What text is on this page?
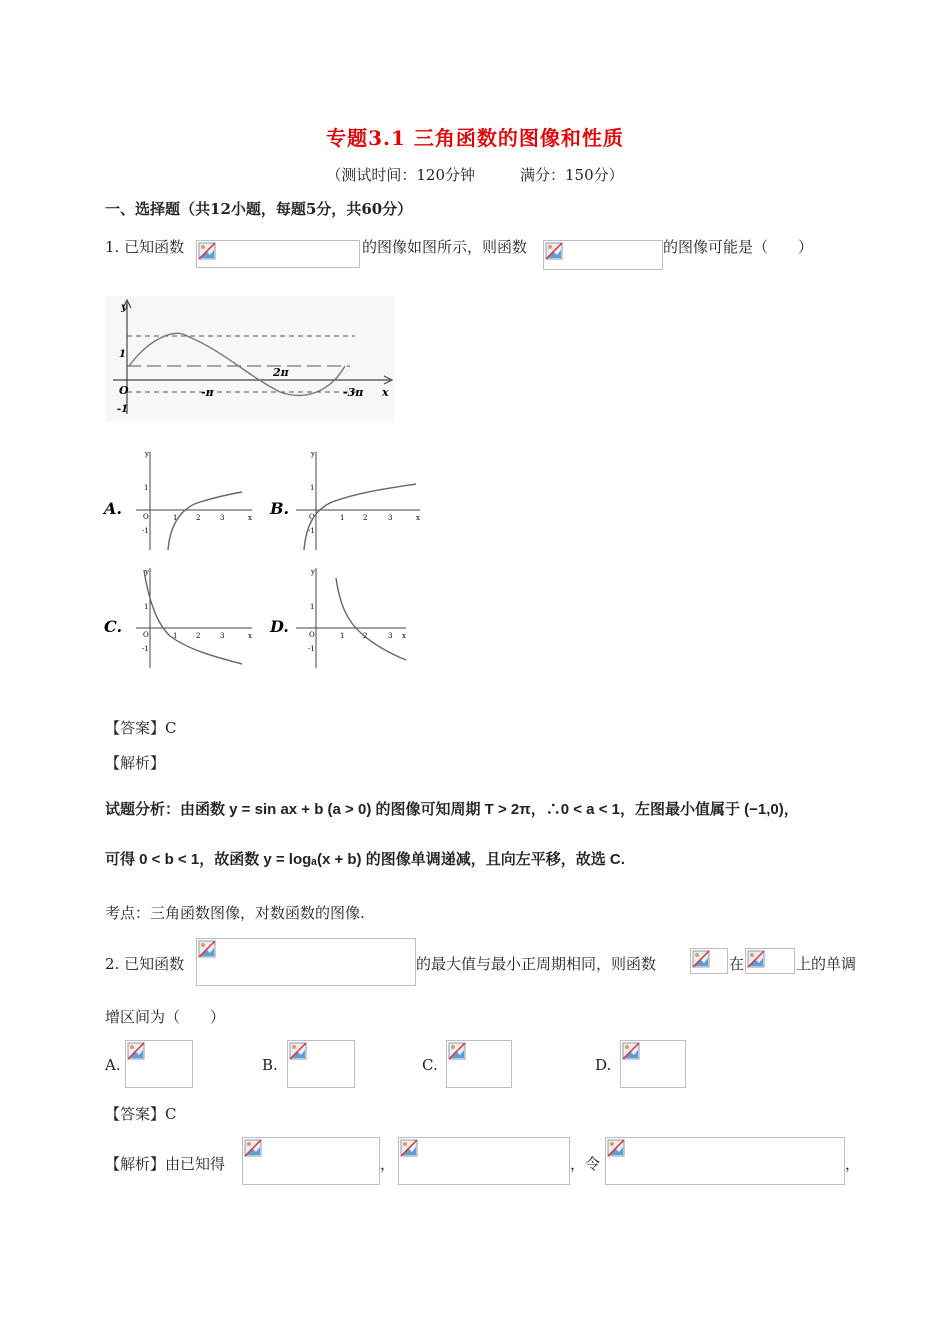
专题3.1 三角函数的图像和性质
（测试时间：120分钟　　　满分：150分）
一、选择题（共12小题，每题5分，共60分）
1. 已知函数	的图像如图所示，则函数	的图像可能是（　　）
y
x
O
1
-1
-π
2π
-3π
A.
y
x
O
1
-1
1	2	3	B.
y
x
O
1
-1
1	2	3
C.
y
x
O
1
-1
1	2	3	D.
y
x
O
1
-1
1	2	3
【答案】C
【解析】
试题分析：由函数 y = sin ax + b (a > 0) 的图像可知周期 T > 2π，∴0 < a < 1，左图最小值属于 (−1,0)，
可得 0 < b < 1，故函数 y = logₐ(x + b) 的图像单调递减，且向左平移，故选 C.
考点：三角函数图像，对数函数的图像.
2. 已知函数	的最大值与最小正周期相同，则函数	在	上的单调
增区间为（　　）
A.	B.	C.	D.
【答案】C
【解析】由已知得	，	，令	，
